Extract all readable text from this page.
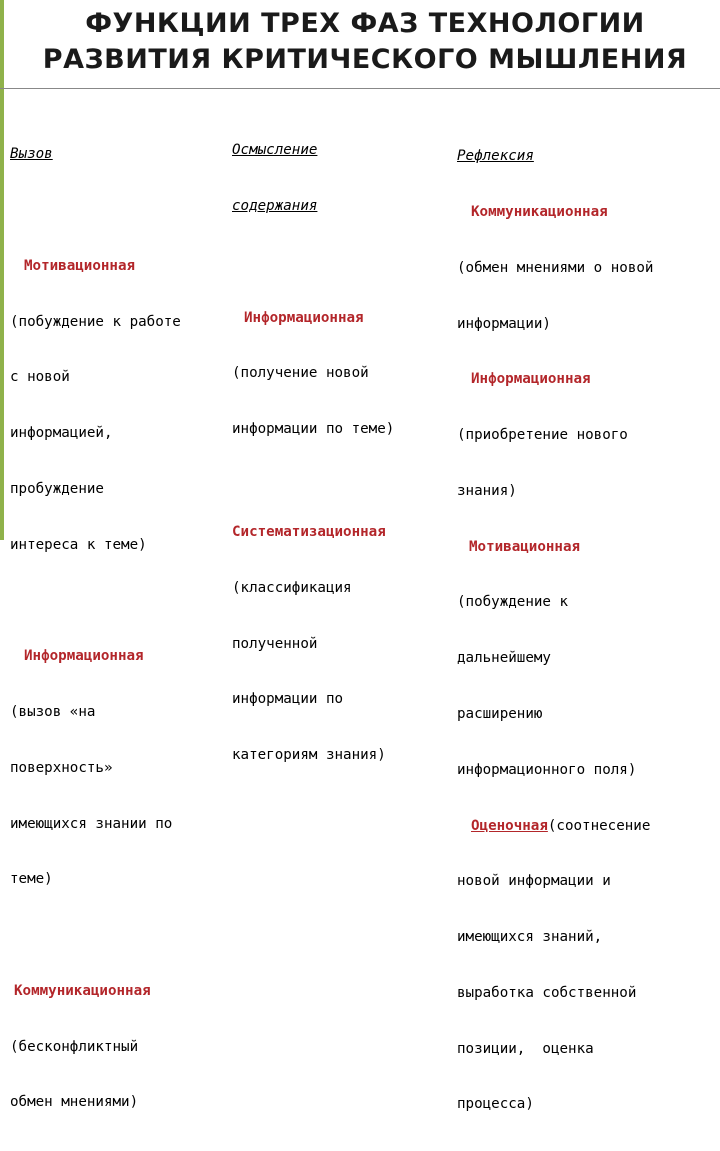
ФУНКЦИИ ТРЕХ ФАЗ ТЕХНОЛОГИИ
РАЗВИТИЯ КРИТИЧЕСКОГО МЫШЛЕНИЯ

Вызов

Мотивационная

(побуждение к работе

с новой

информацией,

пробуждение

интереса к теме)

Информационная

(вызов «на

поверхность»

имеющихся знании по

теме)

Коммуникационная

(бесконфликтный

обмен мнениями)

Осмысление

содержания

Информационная

(получение новой

информации по теме)

Систематизационная

(классификация

полученной

информации по

категориям знания)

Рефлексия

Коммуникационная

(обмен мнениями о новой

информации)

Информационная

(приобретение нового

знания)

Мотивационная

(побуждение к

дальнейшему

расширению

информационного поля)

Оценочная(соотнесение

новой информации и

имеющихся знаний,

выработка собственной

позиции,  оценка

процесса)
